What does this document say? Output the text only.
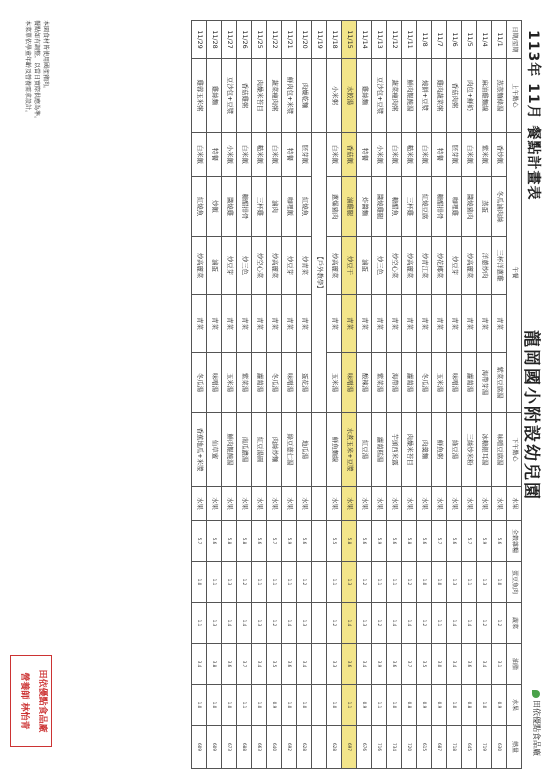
113年 11月 餐點計畫表
龍岡國小附設幼兒園
田依優點食品廠
日期/星期	上午點心	午餐					下午點心	水果	全穀雜糧	蛋豆魚肉	蔬菜	油脂	水果	熱量
11/1	蒸蒸麵條湯	香炒飯	冬瓜滷肉絲	三杯洋蔥雞	青菜	紫菜豆腐湯	味噌豆腐湯	水果	5.6	1.0	1.2	3.1	0.9	630
11/4	麻油雞麵線	紫米飯	蒸蛋	洋蔥炒肉	青菜	海帶芽湯	冰糖銀耳湯	水果	5.9	1.3	1.2	3.4	1.0	719
11/5	肉包+鮮奶	白米飯	醬燒豬肉	炒高麗菜	青菜	蘿蔔湯	三絲炒米粉	水果	5.7	1.1	1.4	3.6	0.8	645
11/6	香菇肉粥	胚芽飯	咖哩雞	炒豆芽	青菜	味噌湯	綠豆湯	水果	5.6	1.3	1.4	3.4	1.0	718
11/7	雞肉蔬菜粥	特餐	糖醋排骨	炒花椰菜	青菜	玉米湯	鮮魚粥	水果	5.7	1.0	1.1	3.0	0.9	687
11/8	燒餅+豆漿	白米飯	紅燒豆腐	炒青江菜	青菜	冬瓜湯	肉羹麵	水果	5.6	1.0	1.2	3.5	0.9	615
11/11	鮮肉餛飩湯	糙米飯	三杯雞	炒高麗菜	青菜	蘿蔔湯	肉燥米苔目	水果	5.8	1.2	1.4	3.7	0.8	720
11/12	蔬菜瘦肉粥	白米飯	糖醋魚	炒空心菜	青菜	海帶湯	芋頭西米露	水果	5.6	1.1	1.4	3.6	1.0	734
11/13	豆沙包+豆漿	小米飯	醬燒雞腿	炒三色	青菜	紫菜湯	蘿蔔糕湯	水果	5.9	1.1	1.2	3.9	1.1	716
11/14	雞絲麵	特餐	炸醬麵	滷蛋	青菜	酸辣湯	紅豆湯	水果	5.6	1.2	1.3	3.4	0.9	676
11/15	水餃湯	香菇飯	滷雞腿	炒豆干	青菜	味噌湯	水煮玉米+豆漿	水果	5.8	1.3	1.4	3.6	1.1	697
11/18	小米粥	白米飯	蔥爆豬肉	炒高麗菜	青菜	玉米湯	鮮魚麵線	水果	5.5	1.1	1.2	3.3	1.0	628
11/19		【戶外教學】												
11/20	肉燥乾麵	胚芽飯	紅燒魚	炒青菜	青菜	蛋花湯	地瓜湯	水果	5.6	1.2	1.3	3.4	1.0	628
11/21	鮮肉包+米漿	特餐	咖哩飯	炒豆芽	青菜	味噌湯	綠豆薏仁湯	水果	5.9	1.1	1.4	3.6	1.0	692
11/22	蔬菜瘦肉粥	白米飯	滷肉	炒高麗菜	青菜	冬瓜湯	肉絲炒麵	水果	5.7	1.1	1.2	3.5	0.9	640
11/25	肉燥米苔目	糙米飯	三杯雞	炒空心菜	青菜	蘿蔔湯	紅豆湯圓	水果	5.6	1.1	1.3	3.4	1.0	663
11/26	香菇雞粥	白米飯	糖醋排骨	炒三色	青菜	紫菜湯	南瓜濃湯	水果	5.8	1.2	1.4	3.7	1.1	688
11/27	豆沙包+豆漿	小米飯	醬燒雞	炒豆芽	青菜	玉米湯	鮮肉餛飩湯	水果	5.8	1.3	1.4	3.6	1.0	673
11/28	雞絲麵	特餐	炒飯	滷蛋	青菜	味噌湯	仙草蜜	水果	5.6	1.1	1.3	3.8	1.0	609
11/29	雞蓉玉米粥	白米飯	紅燒魚	炒高麗菜	青菜	冬瓜湯	香蕉地瓜+米漿	水果	5.7	1.0	1.1	3.4	1.0	609
本園食材皆使用國產豬肉。
餐點如有調整，以當日實際供應為準。
本菜單依學童年齡及營養需求設計。
田依優點食品廠
營養師 林怡青
